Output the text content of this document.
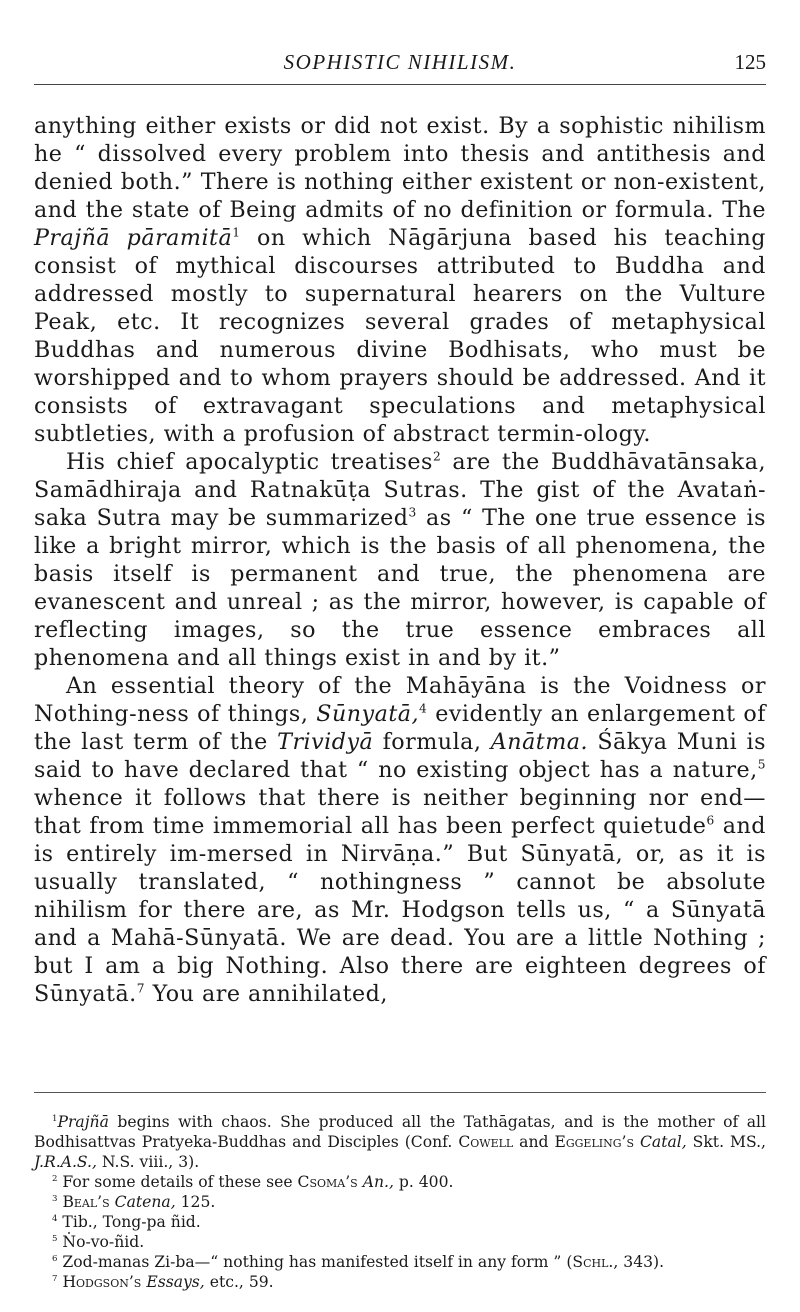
SOPHISTIC NIHILISM.	125

anything either exists or did not exist. By a sophistic nihilism he “ dissolved every problem into thesis and antithesis and denied both.” There is nothing either existent or non-existent, and the state of Being admits of no definition or formula. The Prajñā pāramitā$^1$ on which Nāgārjuna based his teaching consist of mythical discourses attributed to Buddha and addressed mostly to supernatural hearers on the Vulture Peak, etc. It recognizes several grades of metaphysical Buddhas and numerous divine Bodhisats, who must be worshipped and to whom prayers should be addressed. And it consists of extravagant speculations and metaphysical subtleties, with a profusion of abstract termin-ology.

His chief apocalyptic treatises$^2$ are the Buddhāvatānsaka, Samādhiraja and Ratnakūṭa Sutras. The gist of the Avataṅ-saka Sutra may be summarized$^3$ as “ The one true essence is like a bright mirror, which is the basis of all phenomena, the basis itself is permanent and true, the phenomena are evanescent and unreal ; as the mirror, however, is capable of reflecting images, so the true essence embraces all phenomena and all things exist in and by it.”

An essential theory of the Mahāyāna is the Voidness or Nothing-ness of things, Sūnyatā,$^4$ evidently an enlargement of the last term of the Trividyā formula, Anātma. Śākya Muni is said to have declared that “ no existing object has a nature,$^5$ whence it follows that there is neither beginning nor end—that from time immemorial all has been perfect quietude$^6$ and is entirely im-mersed in Nirvāṇa.” But Sūnyatā, or, as it is usually translated, “ nothingness ” cannot be absolute nihilism for there are, as Mr. Hodgson tells us, “ a Sūnyatā and a Mahā-Sūnyatā. We are dead. You are a little Nothing ; but I am a big Nothing. Also there are eighteen degrees of Sūnyatā.$^7$ You are annihilated,

$^1$Prajñā begins with chaos. She produced all the Tathāgatas, and is the mother of all Bodhisattvas Pratyeka-Buddhas and Disciples (Conf. Cowell and Eggeling’s Catal, Skt. MS., J.R.A.S., N.S. viii., 3).

$^2$ For some details of these see Csoma’s An., p. 400.

$^3$ Beal’s Catena, 125.

$^4$ Tib., Tong-pa ñid.

$^5$ Ṅo-vo-ñid.

$^6$ Zod-manas Zi-ba—“ nothing has manifested itself in any form ” (Schl., 343).

$^7$ Hodgson’s Essays, etc., 59.
